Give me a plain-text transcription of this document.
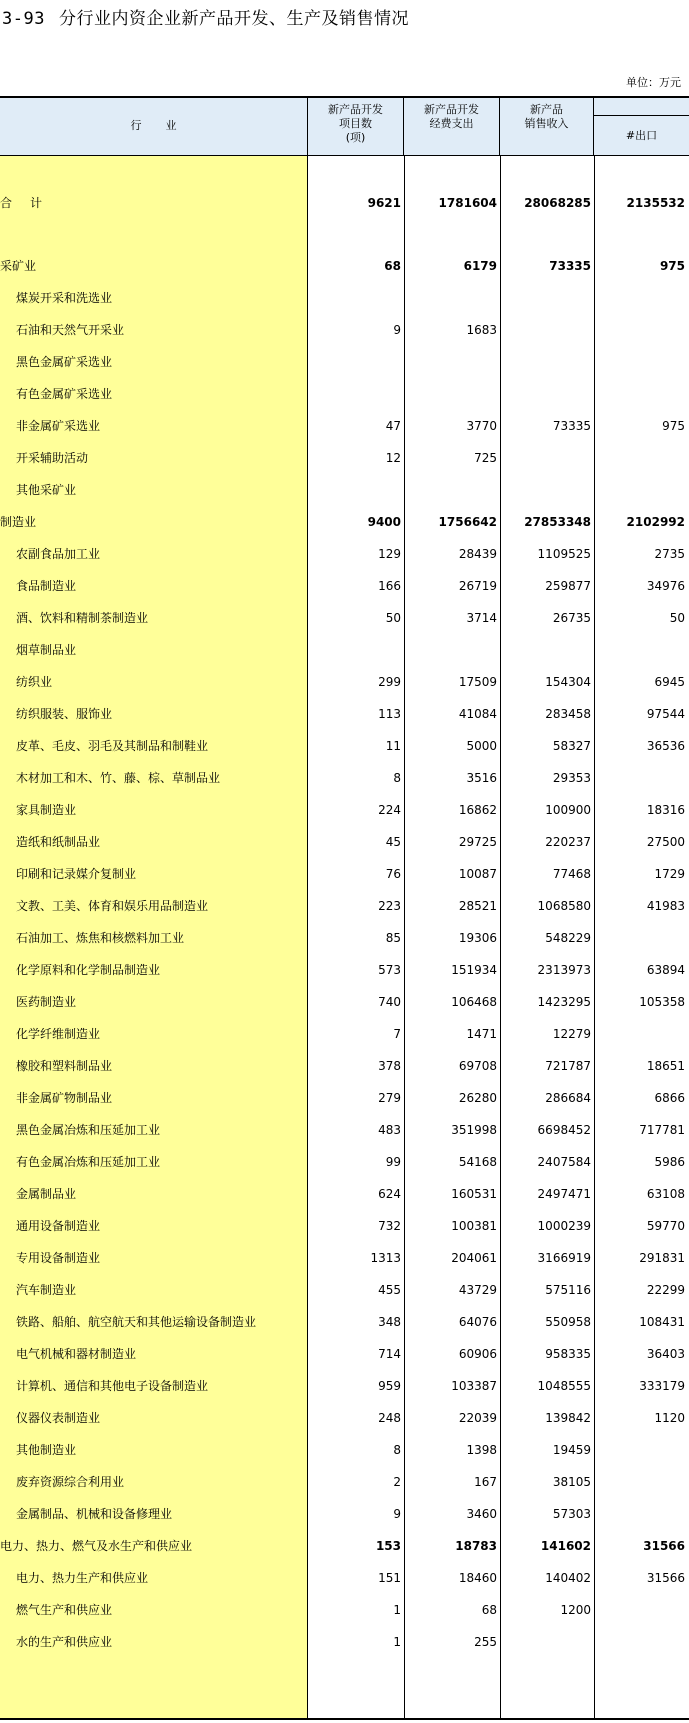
3-93 分行业内资企业新产品开发、生产及销售情况
单位：万元
行业
新产品开发
项目数
(项)
新产品开发
经费支出
新产品
销售收入
#出口
合计	9621	1781604	28068285	2135532
采矿业	68	6179	73335	975
煤炭开采和洗选业
石油和天然气开采业	9	1683
黑色金属矿采选业
有色金属矿采选业
非金属矿采选业	47	3770	73335	975
开采辅助活动	12	725
其他采矿业
制造业	9400	1756642	27853348	2102992
农副食品加工业	129	28439	1109525	2735
食品制造业	166	26719	259877	34976
酒、饮料和精制茶制造业	50	3714	26735	50
烟草制品业
纺织业	299	17509	154304	6945
纺织服装、服饰业	113	41084	283458	97544
皮革、毛皮、羽毛及其制品和制鞋业	11	5000	58327	36536
木材加工和木、竹、藤、棕、草制品业	8	3516	29353
家具制造业	224	16862	100900	18316
造纸和纸制品业	45	29725	220237	27500
印刷和记录媒介复制业	76	10087	77468	1729
文教、工美、体育和娱乐用品制造业	223	28521	1068580	41983
石油加工、炼焦和核燃料加工业	85	19306	548229
化学原料和化学制品制造业	573	151934	2313973	63894
医药制造业	740	106468	1423295	105358
化学纤维制造业	7	1471	12279
橡胶和塑料制品业	378	69708	721787	18651
非金属矿物制品业	279	26280	286684	6866
黑色金属冶炼和压延加工业	483	351998	6698452	717781
有色金属冶炼和压延加工业	99	54168	2407584	5986
金属制品业	624	160531	2497471	63108
通用设备制造业	732	100381	1000239	59770
专用设备制造业	1313	204061	3166919	291831
汽车制造业	455	43729	575116	22299
铁路、船舶、航空航天和其他运输设备制造业	348	64076	550958	108431
电气机械和器材制造业	714	60906	958335	36403
计算机、通信和其他电子设备制造业	959	103387	1048555	333179
仪器仪表制造业	248	22039	139842	1120
其他制造业	8	1398	19459
废弃资源综合利用业	2	167	38105
金属制品、机械和设备修理业	9	3460	57303
电力、热力、燃气及水生产和供应业	153	18783	141602	31566
电力、热力生产和供应业	151	18460	140402	31566
燃气生产和供应业	1	68	1200
水的生产和供应业	1	255
